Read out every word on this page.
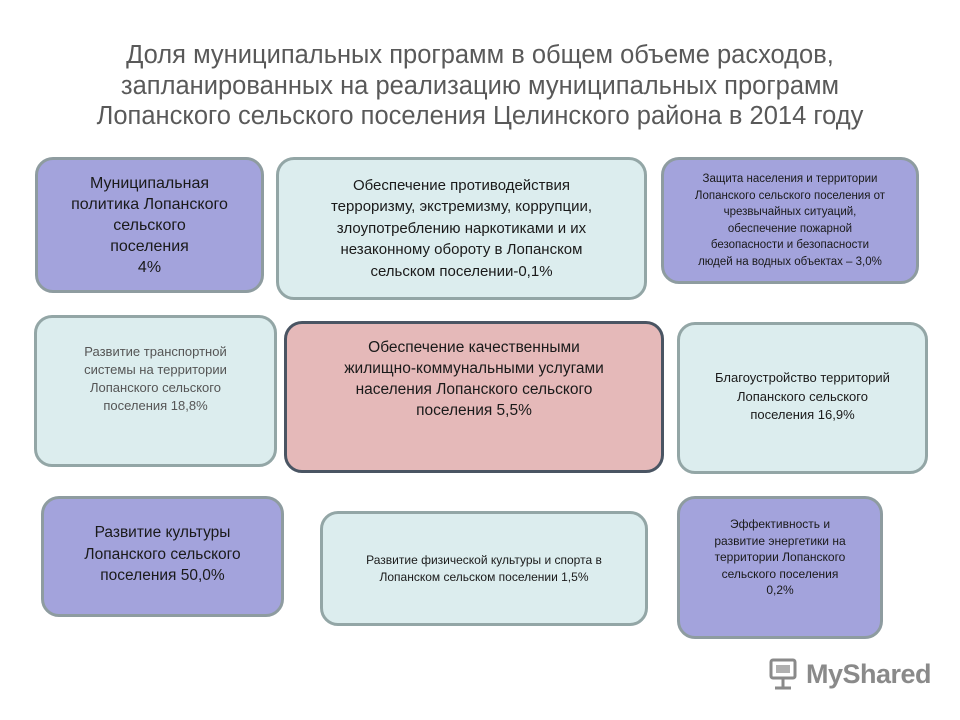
Доля муниципальных программ в общем объеме расходов,
запланированных на реализацию муниципальных программ
Лопанского сельского поселения Целинского района в 2014 году
Муниципальная
политика Лопанского
сельского
поселения
4%
Обеспечение противодействия
терроризму, экстремизму, коррупции,
злоупотреблению наркотиками и их
незаконному обороту в Лопанском
сельском поселении-0,1%
Защита населения и территории
Лопанского сельского поселения от
чрезвычайных ситуаций,
обеспечение пожарной
безопасности и безопасности
людей на водных объектах – 3,0%
Развитие транспортной
системы на территории
Лопанского сельского
поселения 18,8%
Обеспечение качественными
жилищно-коммунальными услугами
населения Лопанского сельского
поселения 5,5%
Благоустройство территорий
Лопанского сельского
поселения 16,9%
Развитие культуры
Лопанского сельского
поселения 50,0%
Развитие физической культуры и спорта в
Лопанском сельском поселении 1,5%
Эффективность и
развитие энергетики на
территории Лопанского
сельского поселения
0,2%
MyShared
